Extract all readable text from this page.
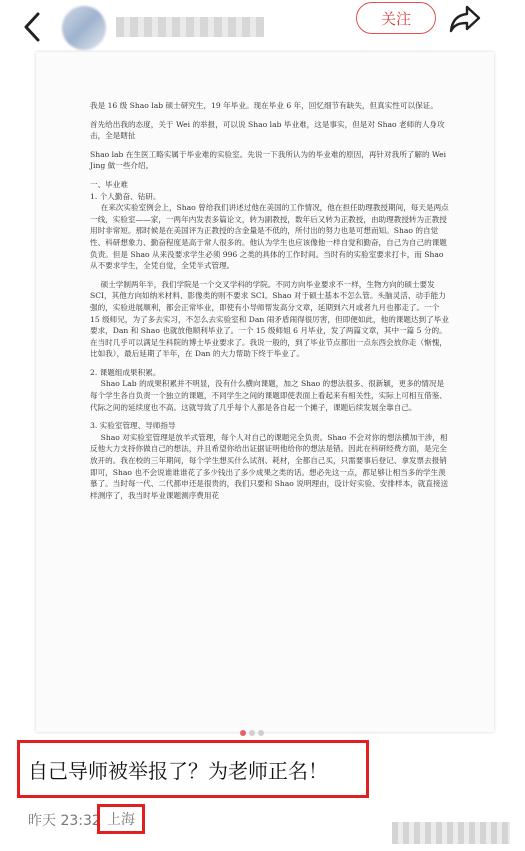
关注

我是 16 级 Shao lab 硕士研究生，19 年毕业。现在毕业 6 年，回忆细节有缺失，但真实性可以保证。

首先给出我的态度，关于 Wei 的举报，可以说 Shao lab 毕业难，这是事实，但是对 Shao 老师的人身攻击，全是瞎扯

Shao lab 在生医工略实属于毕业难的实验室。先说一下我所认为的毕业难的原因，再针对我所了解的 Wei Jing 做一些介绍。

一、毕业难

1. 个人勤奋、钻研。

在来次实验室例会上，Shao 曾给我们讲述过他在美国的工作情况，他在担任助理教授期间，每天是两点一线，实验室——家，一两年内发表多篇论文，转为副教授，数年后又转为正教授，由助理教授转为正教授用时非常短。那时候是在美国评为正教授的含金量是不低的，所付出的努力也是可想而知。Shao 的自觉性、科研想象力、勤奋程度是高于常人很多的。他认为学生也应该像他一样自觉和勤奋，自己为自己的课题负责。但是 Shao 从来没要求学生必须 996 之类的具体的工作时间。当时有的实验室要求打卡，而 Shao 从不要求学生，全凭自觉，全凭半式管理。

硕士学制两年半，我们学院是一个交叉学科的学院。不同方向毕业要求不一样，生物方向的硕士要发 SCI，其他方向如纳米材料、影像类的则不要求 SCI。Shao 对于硕士基本不怎么管。头脑灵活、动手能力强的，实验进展顺利，都会正常毕业，即使有小导师帮发高分文章，延期到六月或者九月也都走了。一个 15 级师兄，为了多去实习，不怎么去实验室和 Dan 闹矛盾闹得很厉害，但即便如此，他的课题达到了毕业要求，Dan 和 Shao 也就放他顺利毕业了。一个 15 级师姐 6 月毕业，发了两篇文章，其中一篇 5 分的。在当时几乎可以满足生科院的博士毕业要求了。我说一般的，到了毕业节点都出一点东西会放你走（惭愧，比如我），最后延期了半年，在 Dan 的大力帮助下终于毕业了。

2. 课题组成果积累。

Shao Lab 的成果积累并不明显，没有什么横向课题，加之 Shao 的想法很多、很新颖，更多的情况是每个学生各自负责一个独立的课题，不同学生之间的课题即使表面上看起来有相关性，实际上可相互借鉴、代际之间的延续度也不高。这就导致了几乎每个人都是各自起一个摊子，课题后续发展全靠自己。

3. 实验室管理、导师指导

Shao 对实验室管理是放羊式管理，每个人对自己的课题完全负责。Shao 不会对你的想法横加干涉，相反他大力支持你做自己的想法，并且希望你给出证据证明他给你的想法是错。因此在科研经费方面，是完全放开的。我在校的三年期间，每个学生想买什么试剂、耗材，全都自己买，只需要事后登记、拿发票去报销即可，Shao 也不会说谁谁谁花了多少钱出了多少成果之类的话。想必先这一点，都足够让相当多的学生羡慕了。当时每一代、二代都申还是很贵的，我们只要和 Shao 说明理由，设计好实验、安排样本，就直接送样测序了，我当时毕业课题测序费用花

自己导师被举报了？为老师正名！
昨天 23:32 上海
